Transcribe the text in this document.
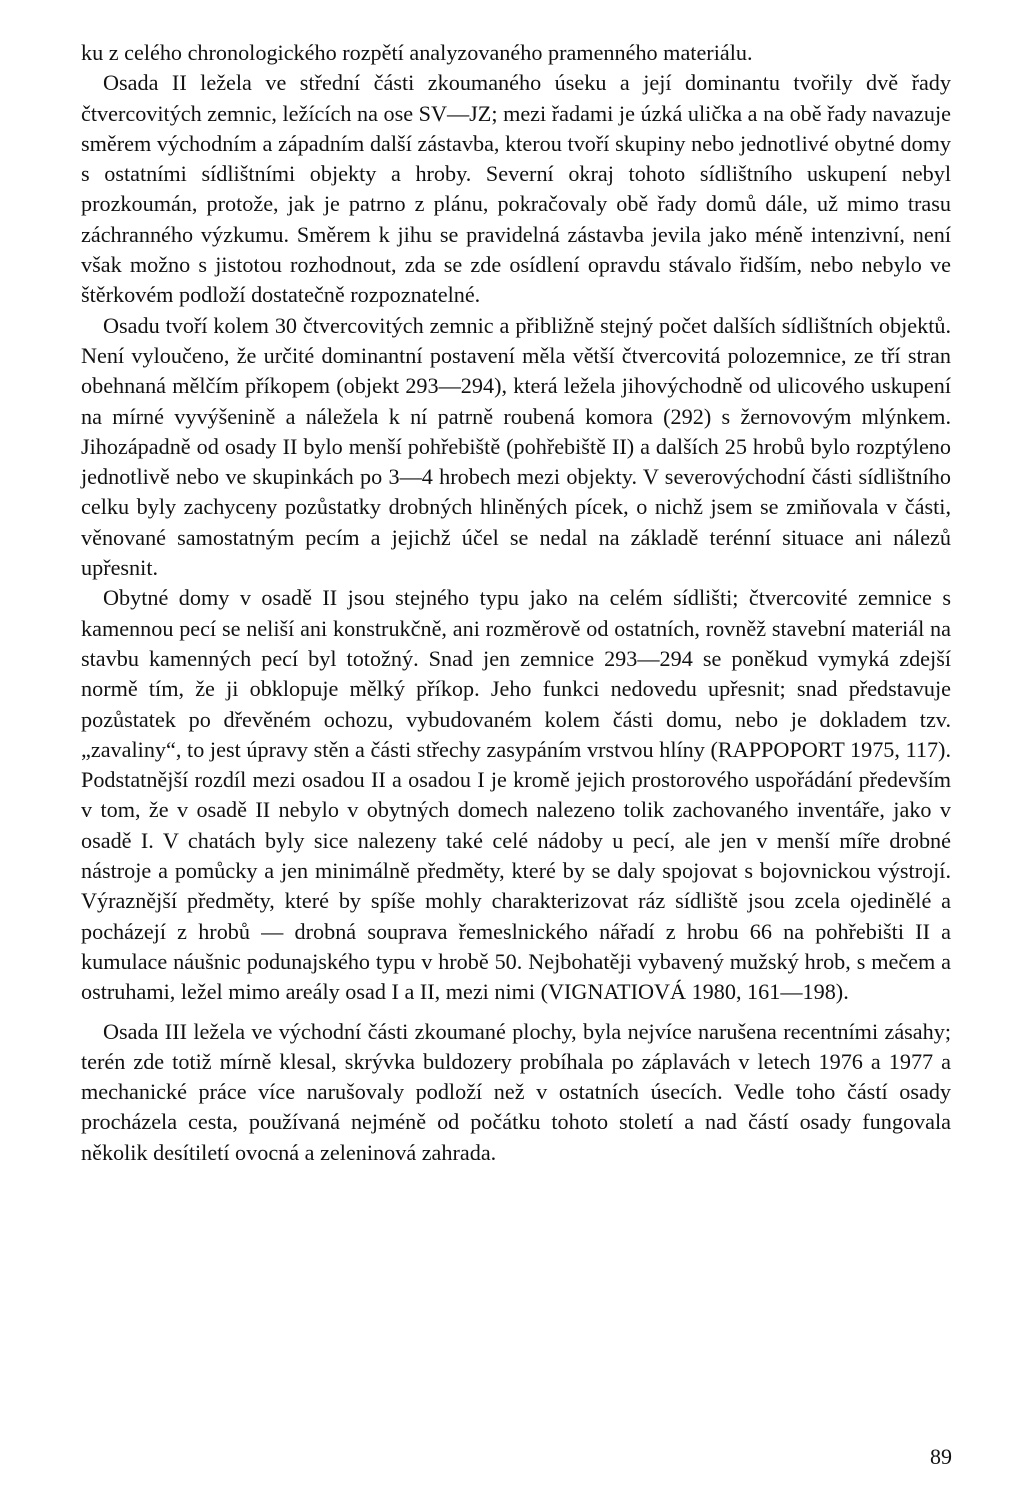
ku z celého chronologického rozpětí analyzovaného pramenného materiálu.

Osada II ležela ve střední části zkoumaného úseku a její dominantu tvořily dvě řady čtvercovitých zemnic, ležících na ose SV—JZ; mezi řadami je úzká ulička a na obě řady navazuje směrem východním a západním další zástavba, kterou tvoří skupiny nebo jednotlivé obytné domy s ostatními sídlištními objekty a hroby. Severní okraj tohoto sídlištního uskupení nebyl prozkoumán, protože, jak je patrno z plánu, pokračovaly obě řady domů dále, už mimo trasu záchranného výzkumu. Směrem k jihu se pravidelná zástavba jevila jako méně intenzivní, není však možno s jistotou rozhodnout, zda se zde osídlení opravdu stávalo řidším, nebo nebylo ve štěrkovém podloží dostatečně rozpoznatelné.

Osadu tvoří kolem 30 čtvercovitých zemnic a přibližně stejný počet dalších sídlištních objektů. Není vyloučeno, že určité dominantní postavení měla větší čtvercovitá polozemnice, ze tří stran obehnaná mělčím příkopem (objekt 293—294), která ležela jihovýchodně od ulicového uskupení na mírné vyvýšenině a náležela k ní patrně roubená komora (292) s žernovovým mlýnkem. Jihozápadně od osady II bylo menší pohřebiště (pohřebiště II) a dalších 25 hrobů bylo rozptýleno jednotlivě nebo ve skupinkách po 3—4 hrobech mezi objekty. V severovýchodní části sídlištního celku byly zachyceny pozůstatky drobných hliněných pícek, o nichž jsem se zmiňovala v části, věnované samostatným pecím a jejichž účel se nedal na základě terénní situace ani nálezů upřesnit.

Obytné domy v osadě II jsou stejného typu jako na celém sídlišti; čtvercovité zemnice s kamennou pecí se neliší ani konstrukčně, ani rozměrově od ostatních, rovněž stavební materiál na stavbu kamenných pecí byl totožný. Snad jen zemnice 293—294 se poněkud vymyká zdejší normě tím, že ji obklopuje mělký příkop. Jeho funkci nedovedu upřesnit; snad představuje pozůstatek po dřevěném ochozu, vybudovaném kolem části domu, nebo je dokladem tzv. „zavaliny“, to jest úpravy stěn a části střechy zasypáním vrstvou hlíny (RAPPOPORT 1975, 117). Podstatnější rozdíl mezi osadou II a osadou I je kromě jejich prostorového uspořádání především v tom, že v osadě II nebylo v obytných domech nalezeno tolik zachovaného inventáře, jako v osadě I. V chatách byly sice nalezeny také celé nádoby u pecí, ale jen v menší míře drobné nástroje a pomůcky a jen minimálně předměty, které by se daly spojovat s bojovnickou výstrojí. Výraznější předměty, které by spíše mohly charakterizovat ráz sídliště jsou zcela ojedinělé a pocházejí z hrobů — drobná souprava řemeslnického nářadí z hrobu 66 na pohřebišti II a kumulace náušnic podunajského typu v hrobě 50. Nejbohatěji vybavený mužský hrob, s mečem a ostruhami, ležel mimo areály osad I a II, mezi nimi (VIGNATIOVÁ 1980, 161—198).

Osada III ležela ve východní části zkoumané plochy, byla nejvíce narušena recentními zásahy; terén zde totiž mírně klesal, skrývka buldozery probíhala po záplavách v letech 1976 a 1977 a mechanické práce více narušovaly podloží než v ostatních úsecích. Vedle toho částí osady procházela cesta, používaná nejméně od počátku tohoto století a nad částí osady fungovala několik desítiletí ovocná a zeleninová zahrada.

89
